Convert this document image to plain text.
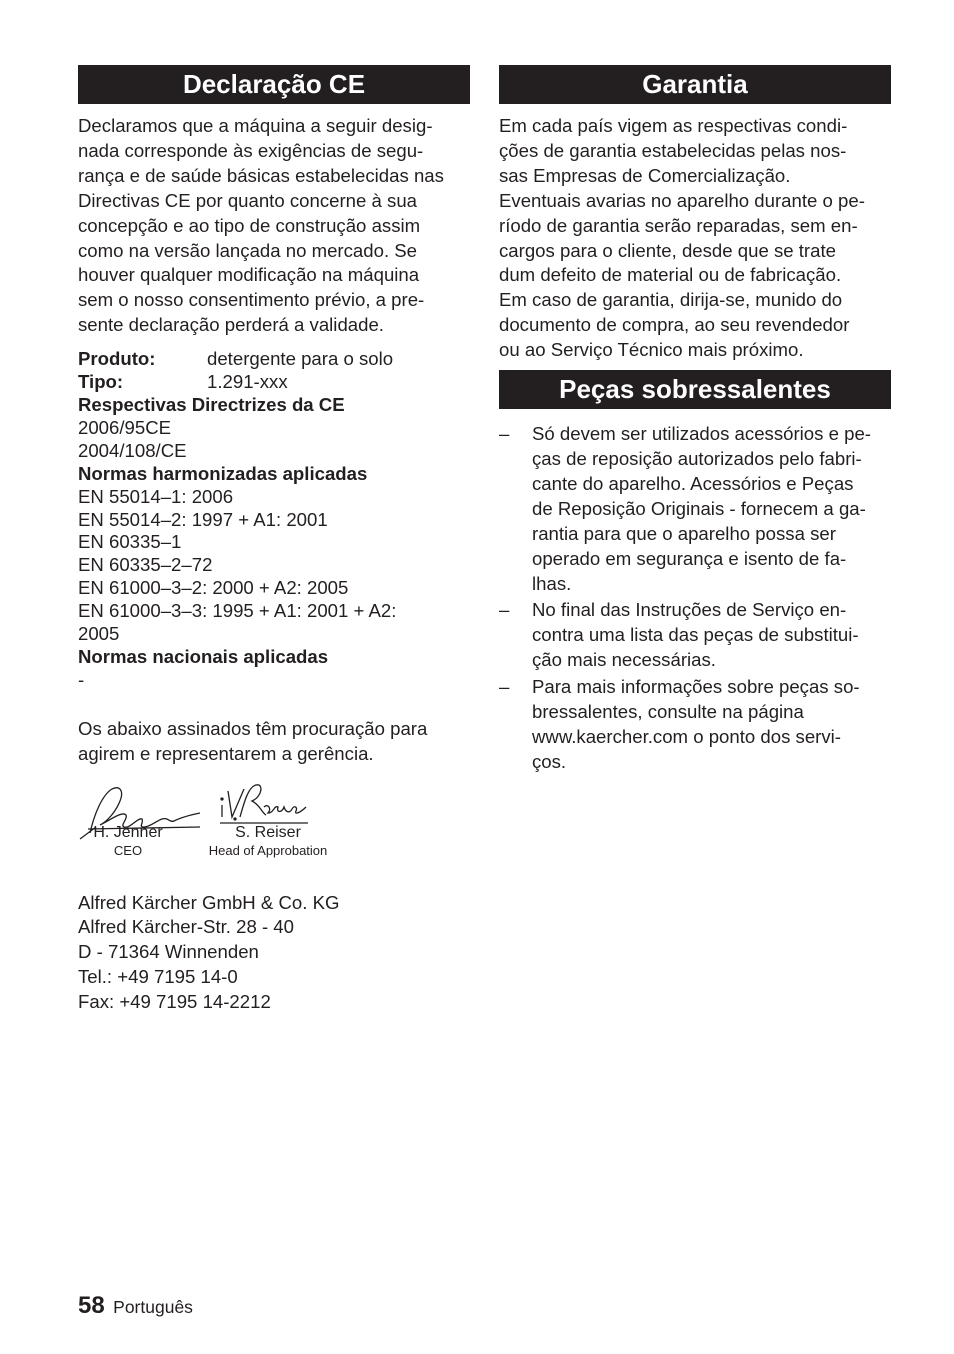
Declaração CE

Declaramos que a máquina a seguir desig-
nada corresponde às exigências de segu-
rança e de saúde básicas estabelecidas nas
Directivas CE por quanto concerne à sua
concepção e ao tipo de construção assim
como na versão lançada no mercado. Se
houver qualquer modificação na máquina
sem o nosso consentimento prévio, a pre-
sente declaração perderá a validade.

Produto:	detergente para o solo
Tipo:	1.291-xxx
Respectivas Directrizes da CE
2006/95CE
2004/108/CE
Normas harmonizadas aplicadas
EN 55014–1: 2006
EN 55014–2: 1997 + A1: 2001
EN 60335–1
EN 60335–2–72
EN 61000–3–2: 2000 + A2: 2005
EN 61000–3–3: 1995 + A1: 2001 + A2:
2005
Normas nacionais aplicadas
-

Os abaixo assinados têm procuração para
agirem e representarem a gerência.

H. Jenner
CEO
S. Reiser
Head of Approbation

Alfred Kärcher GmbH & Co. KG
Alfred Kärcher-Str. 28 - 40
D - 71364 Winnenden
Tel.: +49 7195 14-0
Fax: +49 7195 14-2212

Garantia

Em cada país vigem as respectivas condi-
ções de garantia estabelecidas pelas nos-
sas Empresas de Comercialização.
Eventuais avarias no aparelho durante o pe-
ríodo de garantia serão reparadas, sem en-
cargos para o cliente, desde que se trate
dum defeito de material ou de fabricação.
Em caso de garantia, dirija-se, munido do
documento de compra, ao seu revendedor
ou ao Serviço Técnico mais próximo.

Peças sobressalentes
– Só devem ser utilizados acessórios e pe-
ças de reposição autorizados pelo fabri-
cante do aparelho. Acessórios e Peças
de Reposição Originais - fornecem a ga-
rantia para que o aparelho possa ser
operado em segurança e isento de fa-
lhas.
– No final das Instruções de Serviço en-
contra uma lista das peças de substitui-
ção mais necessárias.
– Para mais informações sobre peças so-
bressalentes, consulte na página
www.kaercher.com o ponto dos servi-
ços.
58 Português
